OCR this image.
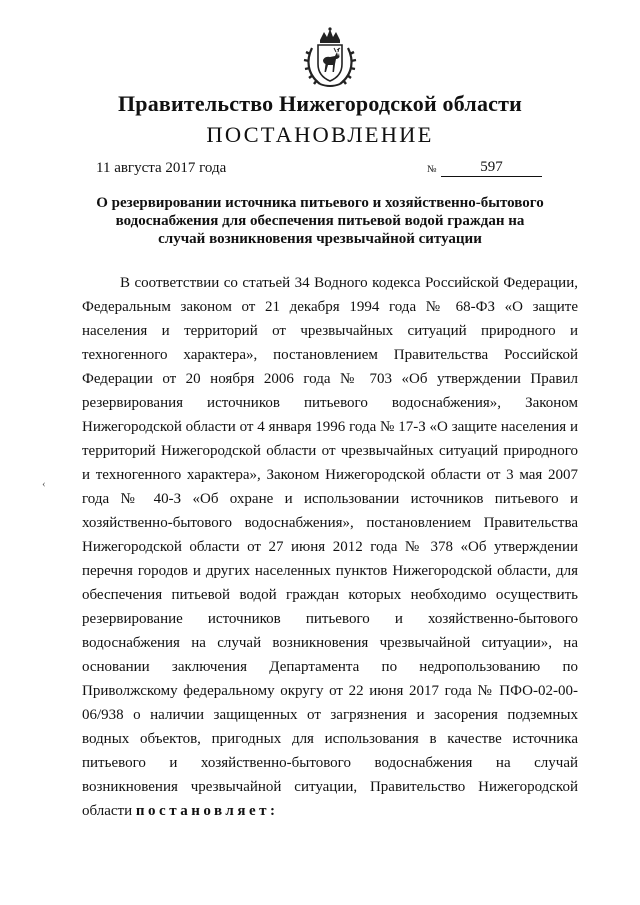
Правительство Нижегородской области
ПОСТАНОВЛЕНИЕ
11 августа 2017 года	№	597
О резервировании источника питьевого и хозяйственно-бытового водоснабжения для обеспечения питьевой водой граждан на случай возникновения чрезвычайной ситуации
‹
В соответствии со статьей 34 Водного кодекса Российской Федерации, Федеральным законом от 21 декабря 1994 года № 68-ФЗ «О защите населения и территорий от чрезвычайных ситуаций природного и техногенного характера», постановлением Правительства Российской Федерации от 20 ноября 2006 года № 703 «Об утверждении Правил резервирования источников питьевого водоснабжения», Законом Нижегородской области от 4 января 1996 года № 17-З «О защите населения и территорий Нижегородской области от чрезвычайных ситуаций природного и техногенного характера», Законом Нижегородской области от 3 мая 2007 года № 40-З «Об охране и использовании источников питьевого и хозяйственно-бытового водоснабжения», постановлением Правительства Нижегородской области от 27 июня 2012 года № 378 «Об утверждении перечня городов и других населенных пунктов Нижегородской области, для обеспечения питьевой водой граждан которых необходимо осуществить резервирование источников питьевого и хозяйственно-бытового водоснабжения на случай возникновения чрезвычайной ситуации», на основании заключения Департамента по недропользованию по Приволжскому федеральному округу от 22 июня 2017 года № ПФО-02-00-06/938 о наличии защищенных от загрязнения и засорения подземных водных объектов, пригодных для использования в качестве источника питьевого и хозяйственно-бытового водоснабжения на случай возникновения чрезвычайной ситуации, Правительство Нижегородской области постановляет:
